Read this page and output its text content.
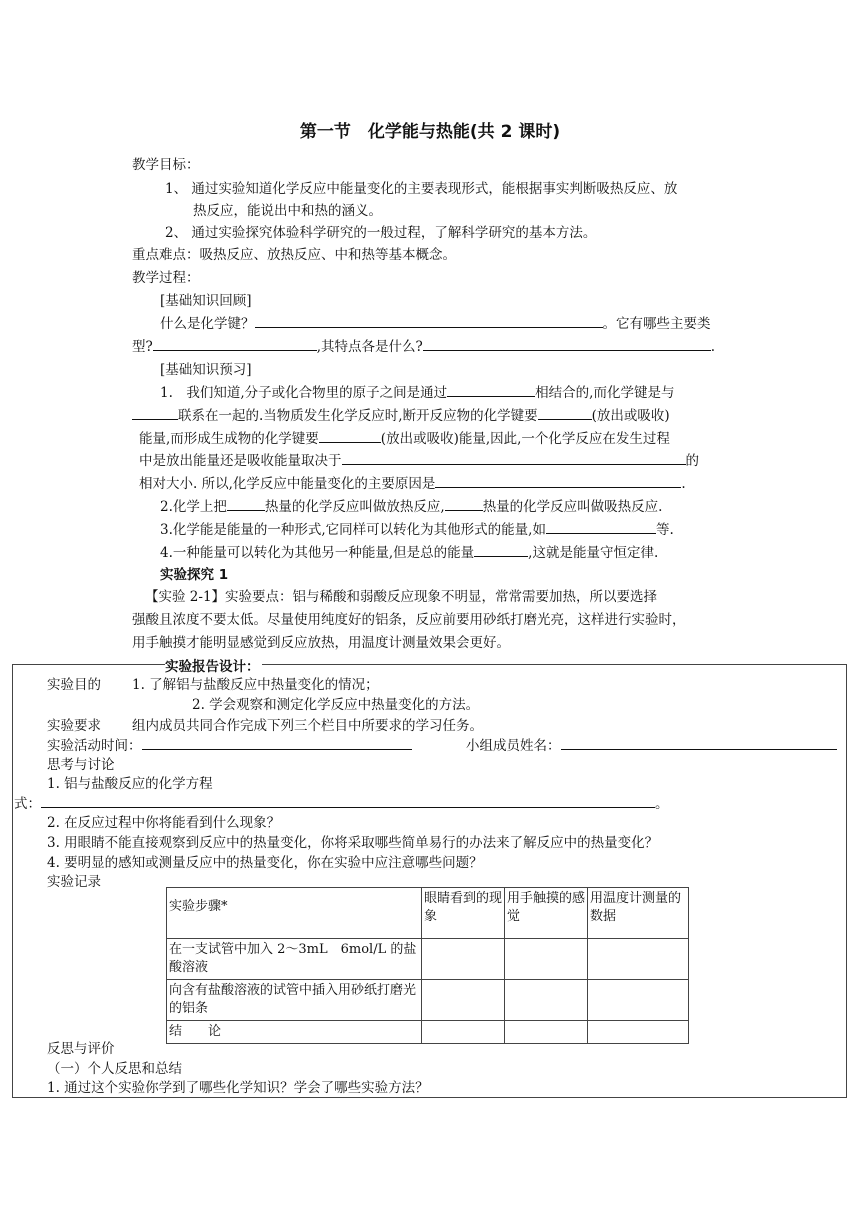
第一节　化学能与热能(共 2 课时)
教学目标：
1、 通过实验知道化学反应中能量变化的主要表现形式，能根据事实判断吸热反应、放
热反应，能说出中和热的涵义。
2、 通过实验探究体验科学研究的一般过程，了解科学研究的基本方法。
重点难点：吸热反应、放热反应、中和热等基本概念。
教学过程：
[基础知识回顾]
什么是化学键？	。它有哪些主要类
型?	,其特点各是什么?	.
[基础知识预习]
1.　我们知道,分子或化合物里的原子之间是通过	相结合的,而化学键是与
联系在一起的.当物质发生化学反应时,断开反应物的化学键要	(放出或吸收)
能量,而形成生成物的化学键要	(放出或吸收)能量,因此,一个化学反应在发生过程
中是放出能量还是吸收能量取决于	的
相对大小. 所以,化学反应中能量变化的主要原因是	.
2.化学上把	热量的化学反应叫做放热反应,	热量的化学反应叫做吸热反应.
3.化学能是能量的一种形式,它同样可以转化为其他形式的能量,如	等.
4.一种能量可以转化为其他另一种能量,但是总的能量	,这就是能量守恒定律.
实验探究 1
【实验 2-1】实验要点：铝与稀酸和弱酸反应现象不明显，常常需要加热，所以要选择
强酸且浓度不要太低。尽量使用纯度好的铝条，反应前要用砂纸打磨光亮，这样进行实验时，
用手触摸才能明显感觉到反应放热，用温度计测量效果会更好。
实验报告设计：
实验目的 1. 了解铝与盐酸反应中热量变化的情况；
2. 学会观察和测定化学反应中热量变化的方法。
实验要求 组内成员共同合作完成下列三个栏目中所要求的学习任务。
实验活动时间：	小组成员姓名：
思考与讨论
1. 铝与盐酸反应的化学方程
式：	。
2. 在反应过程中你将能看到什么现象？
3. 用眼睛不能直接观察到反应中的热量变化，你将采取哪些简单易行的办法来了解反应中的热量变化？
4. 要明显的感知或测量反应中的热量变化，你在实验中应注意哪些问题？
实验记录
实验步骤*	眼睛看到的现象	用手触摸的感觉	用温度计测量的数据
在一支试管中加入 2～3mL　6mol/L 的盐酸溶液			
向含有盐酸溶液的试管中插入用砂纸打磨光的铝条			
结　　论			
反思与评价
（一）个人反思和总结
1. 通过这个实验你学到了哪些化学知识？学会了哪些实验方法？
